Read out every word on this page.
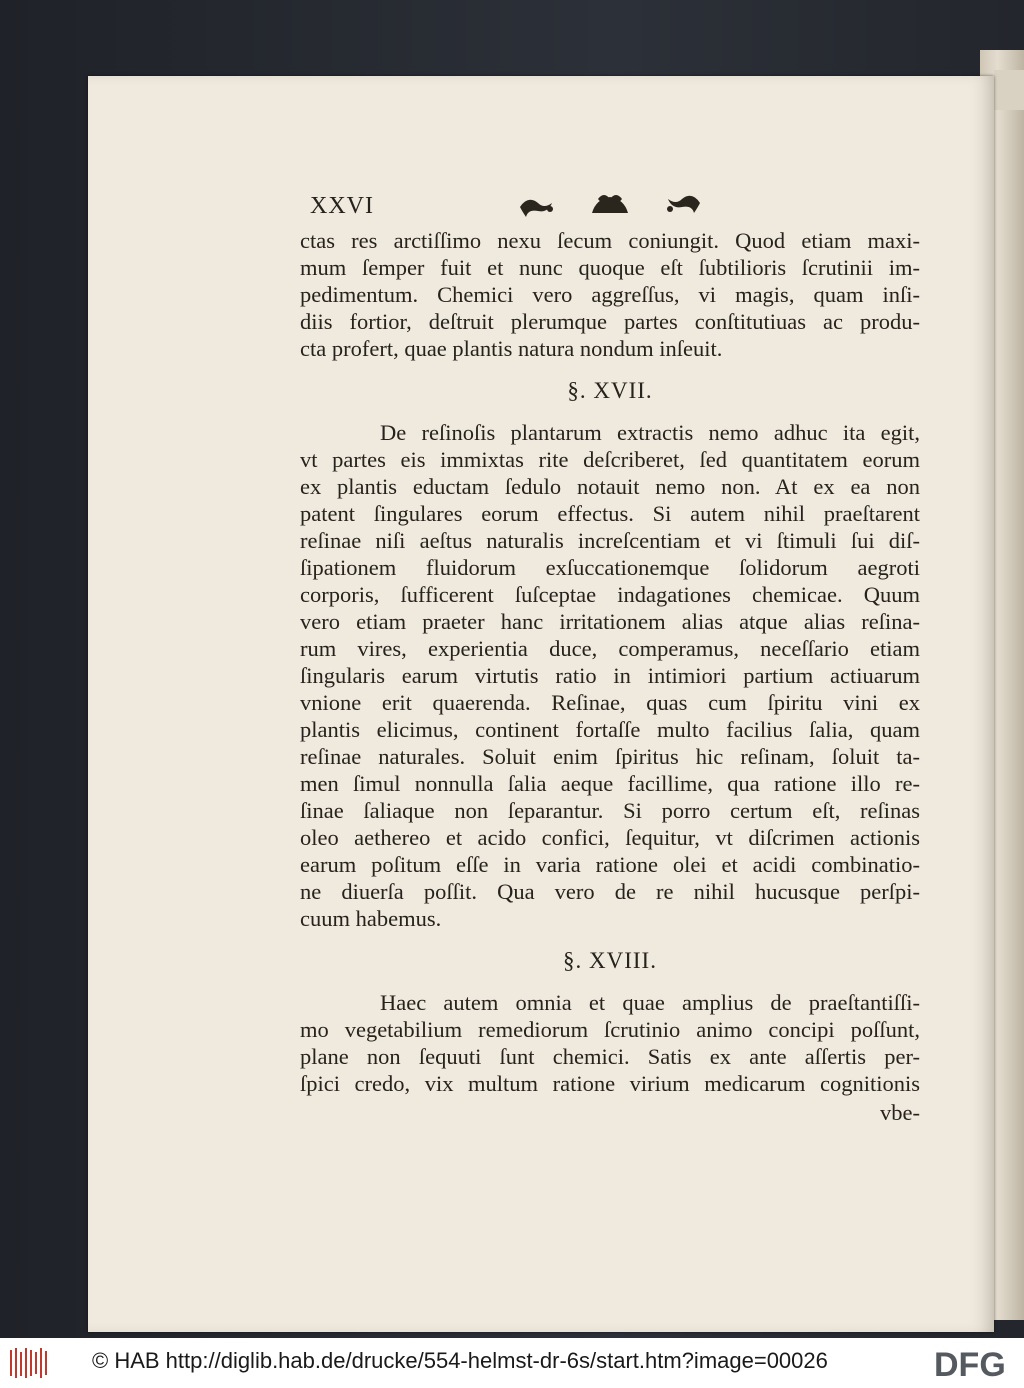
XXVI
ctas res arctiſſimo nexu ſecum coniungit. Quod etiam maxi-
mum ſemper fuit et nunc quoque eſt ſubtilioris ſcrutinii im-
pedimentum. Chemici vero aggreſſus, vi magis, quam inſi-
diis fortior, deſtruit plerumque partes conſtitutiuas ac produ-
cta profert, quae plantis natura nondum inſeuit.
§. XVII.
De reſinoſis plantarum extractis nemo adhuc ita egit,
vt partes eis immixtas rite deſcriberet, ſed quantitatem eorum
ex plantis eductam ſedulo notauit nemo non. At ex ea non
patent ſingulares eorum effectus. Si autem nihil praeſtarent
reſinae niſi aeſtus naturalis increſcentiam et vi ſtimuli ſui diſ-
ſipationem fluidorum exſuccationemque ſolidorum aegroti
corporis, ſufficerent ſuſceptae indagationes chemicae. Quum
vero etiam praeter hanc irritationem alias atque alias reſina-
rum vires, experientia duce, comperamus, neceſſario etiam
ſingularis earum virtutis ratio in intimiori partium actiuarum
vnione erit quaerenda. Reſinae, quas cum ſpiritu vini ex
plantis elicimus, continent fortaſſe multo facilius ſalia, quam
reſinae naturales. Soluit enim ſpiritus hic reſinam, ſoluit ta-
men ſimul nonnulla ſalia aeque facillime, qua ratione illo re-
ſinae ſaliaque non ſeparantur. Si porro certum eſt, reſinas
oleo aethereo et acido confici, ſequitur, vt diſcrimen actionis
earum poſitum eſſe in varia ratione olei et acidi combinatio-
ne diuerſa poſſit. Qua vero de re nihil hucusque perſpi-
cuum habemus.
§. XVIII.
Haec autem omnia et quae amplius de praeſtantiſſi-
mo vegetabilium remediorum ſcrutinio animo concipi poſſunt,
plane non ſequuti ſunt chemici. Satis ex ante aſſertis per-
ſpici credo, vix multum ratione virium medicarum cognitionis
vbe-
© HAB http://diglib.hab.de/drucke/554-helmst-dr-6s/start.htm?image=00026	DFG
